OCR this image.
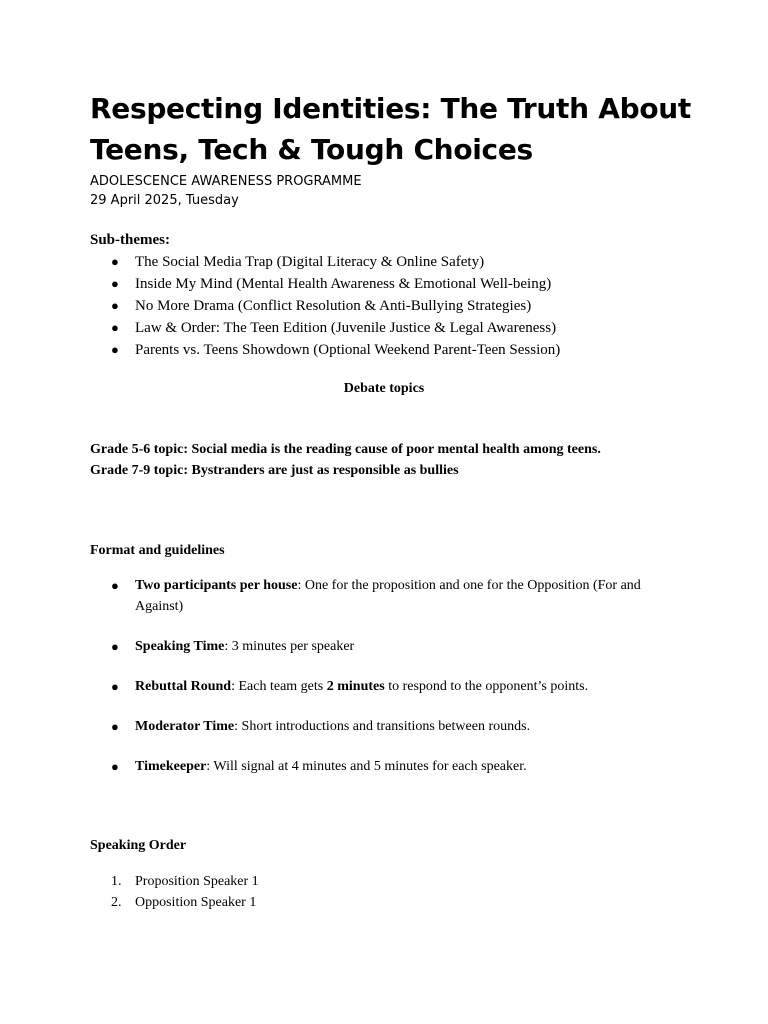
Respecting Identities: The Truth About Teens, Tech & Tough Choices
ADOLESCENCE AWARENESS PROGRAMME
29 April 2025, Tuesday
Sub-themes:
● The Social Media Trap (Digital Literacy & Online Safety)
● Inside My Mind (Mental Health Awareness & Emotional Well-being)
● No More Drama (Conflict Resolution & Anti-Bullying Strategies)
● Law & Order: The Teen Edition (Juvenile Justice & Legal Awareness)
● Parents vs. Teens Showdown (Optional Weekend Parent-Teen Session)
Debate topics
Grade 5-6 topic: Social media is the reading cause of poor mental health among teens.
Grade 7-9 topic: Bystranders are just as responsible as bullies
Format and guidelines
● Two participants per house: One for the proposition and one for the Opposition (For and Against)
● Speaking Time: 3 minutes per speaker
● Rebuttal Round: Each team gets 2 minutes to respond to the opponent’s points.
● Moderator Time: Short introductions and transitions between rounds.
● Timekeeper: Will signal at 4 minutes and 5 minutes for each speaker.
Speaking Order
1. Proposition Speaker 1
2. Opposition Speaker 1
